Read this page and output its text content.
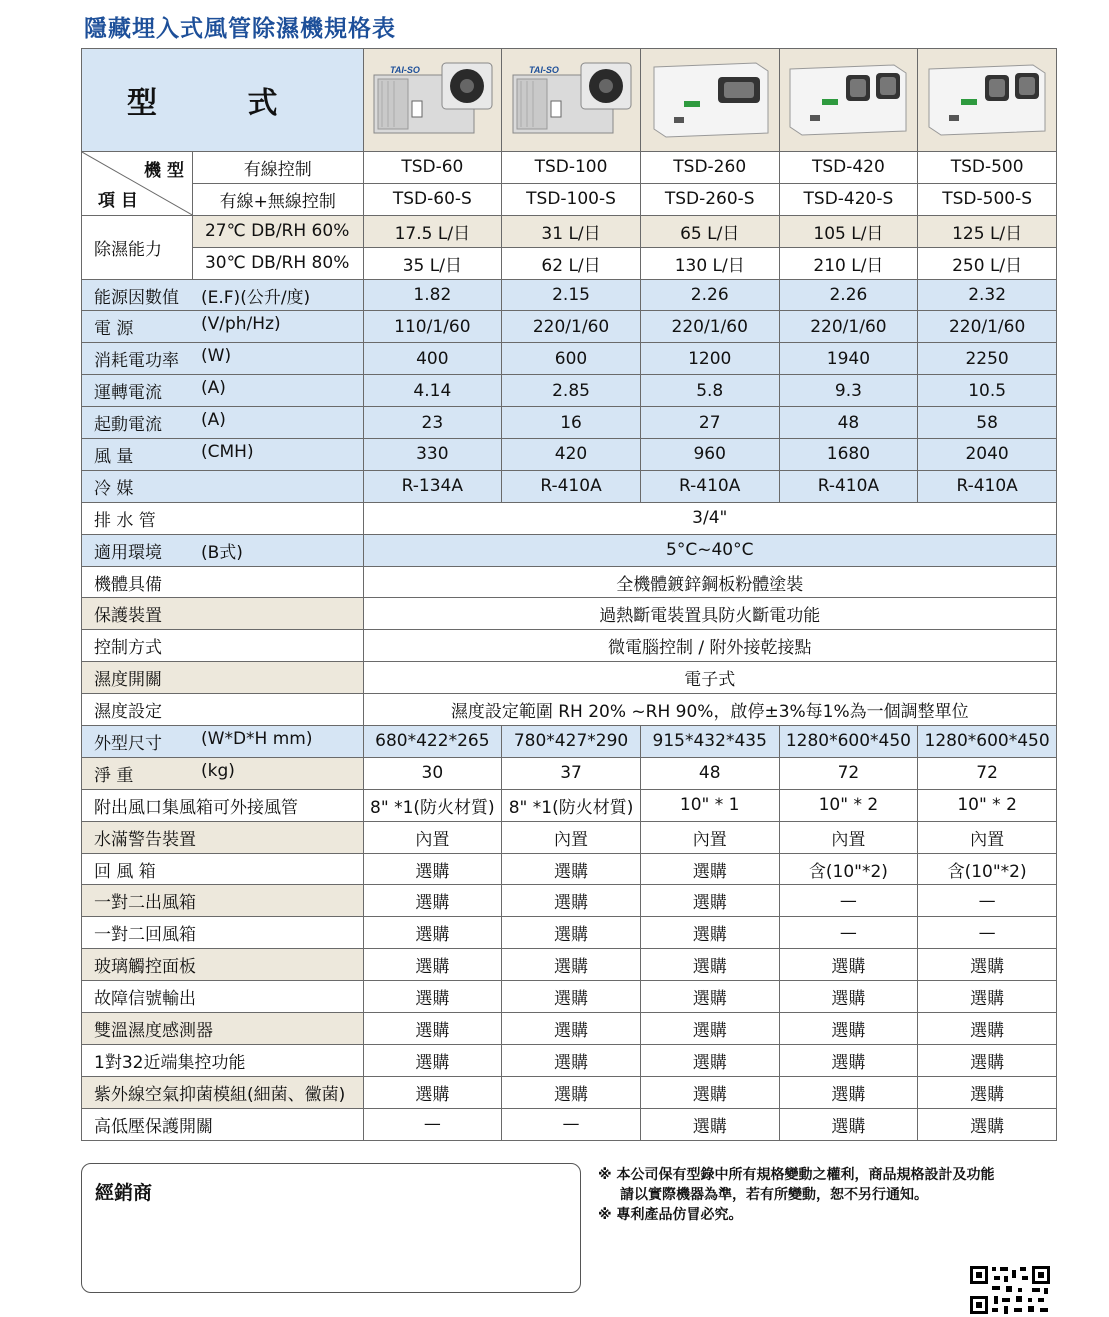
隱藏埋入式風管除濕機規格表
型 式		TAI-SO	TAI-SO

機 型
項 目	有線控制	TSD-60	TSD-100	TSD-260	TSD-420	TSD-500
	有線+無線控制	TSD-60-S	TSD-100-S	TSD-260-S	TSD-420-S	TSD-500-S
除濕能力	27℃ DB/RH 60%	17.5 L/日	31 L/日	65 L/日	105 L/日	125 L/日
	30℃ DB/RH 80%	35 L/日	62 L/日	130 L/日	210 L/日	250 L/日
能源因數值 (E.F)(公升/度)		1.82	2.15	2.26	2.26	2.32
電 源 (V/ph/Hz)		110/1/60	220/1/60	220/1/60	220/1/60	220/1/60
消耗電功率 (W)		400	600	1200	1940	2250
運轉電流 (A)		4.14	2.85	5.8	9.3	10.5
起動電流 (A)		23	16	27	48	58
風 量 (CMH)		330	420	960	1680	2040
冷 媒		R-134A	R-410A	R-410A	R-410A	R-410A
排 水 管		3/4"				
適用環境 (B式)		5°C~40°C				
機體具備		全機體鍍鋅鋼板粉體塗裝				
保護裝置		過熱斷電裝置具防火斷電功能				
控制方式		微電腦控制 / 附外接乾接點				
濕度開關		電子式				
濕度設定		濕度設定範圍 RH 20% ~RH 90%，啟停±3%每1%為一個調整單位				
外型尺寸 (W*D*H mm)		680*422*265	780*427*290	915*432*435	1280*600*450	1280*600*450
淨 重 (kg)		30	37	48	72	72
附出風口集風箱可外接風管		8" *1(防火材質)	8" *1(防火材質)	10" * 1	10" * 2	10" * 2
水滿警告裝置		內置	內置	內置	內置	內置
回 風 箱		選購	選購	選購	含(10"*2)	含(10"*2)
一對二出風箱		選購	選購	選購	—	—
一對二回風箱		選購	選購	選購	—	—
玻璃觸控面板		選購	選購	選購	選購	選購
故障信號輸出		選購	選購	選購	選購	選購
雙溫濕度感測器		選購	選購	選購	選購	選購
1對32近端集控功能		選購	選購	選購	選購	選購
紫外線空氣抑菌模組(細菌、黴菌)		選購	選購	選購	選購	選購
高低壓保護開關		—	—	選購	選購	選購
經銷商
※ 本公司保有型錄中所有規格變動之權利，商品規格設計及功能
請以實際機器為準，若有所變動，恕不另行通知。
※ 專利產品仿冒必究。
